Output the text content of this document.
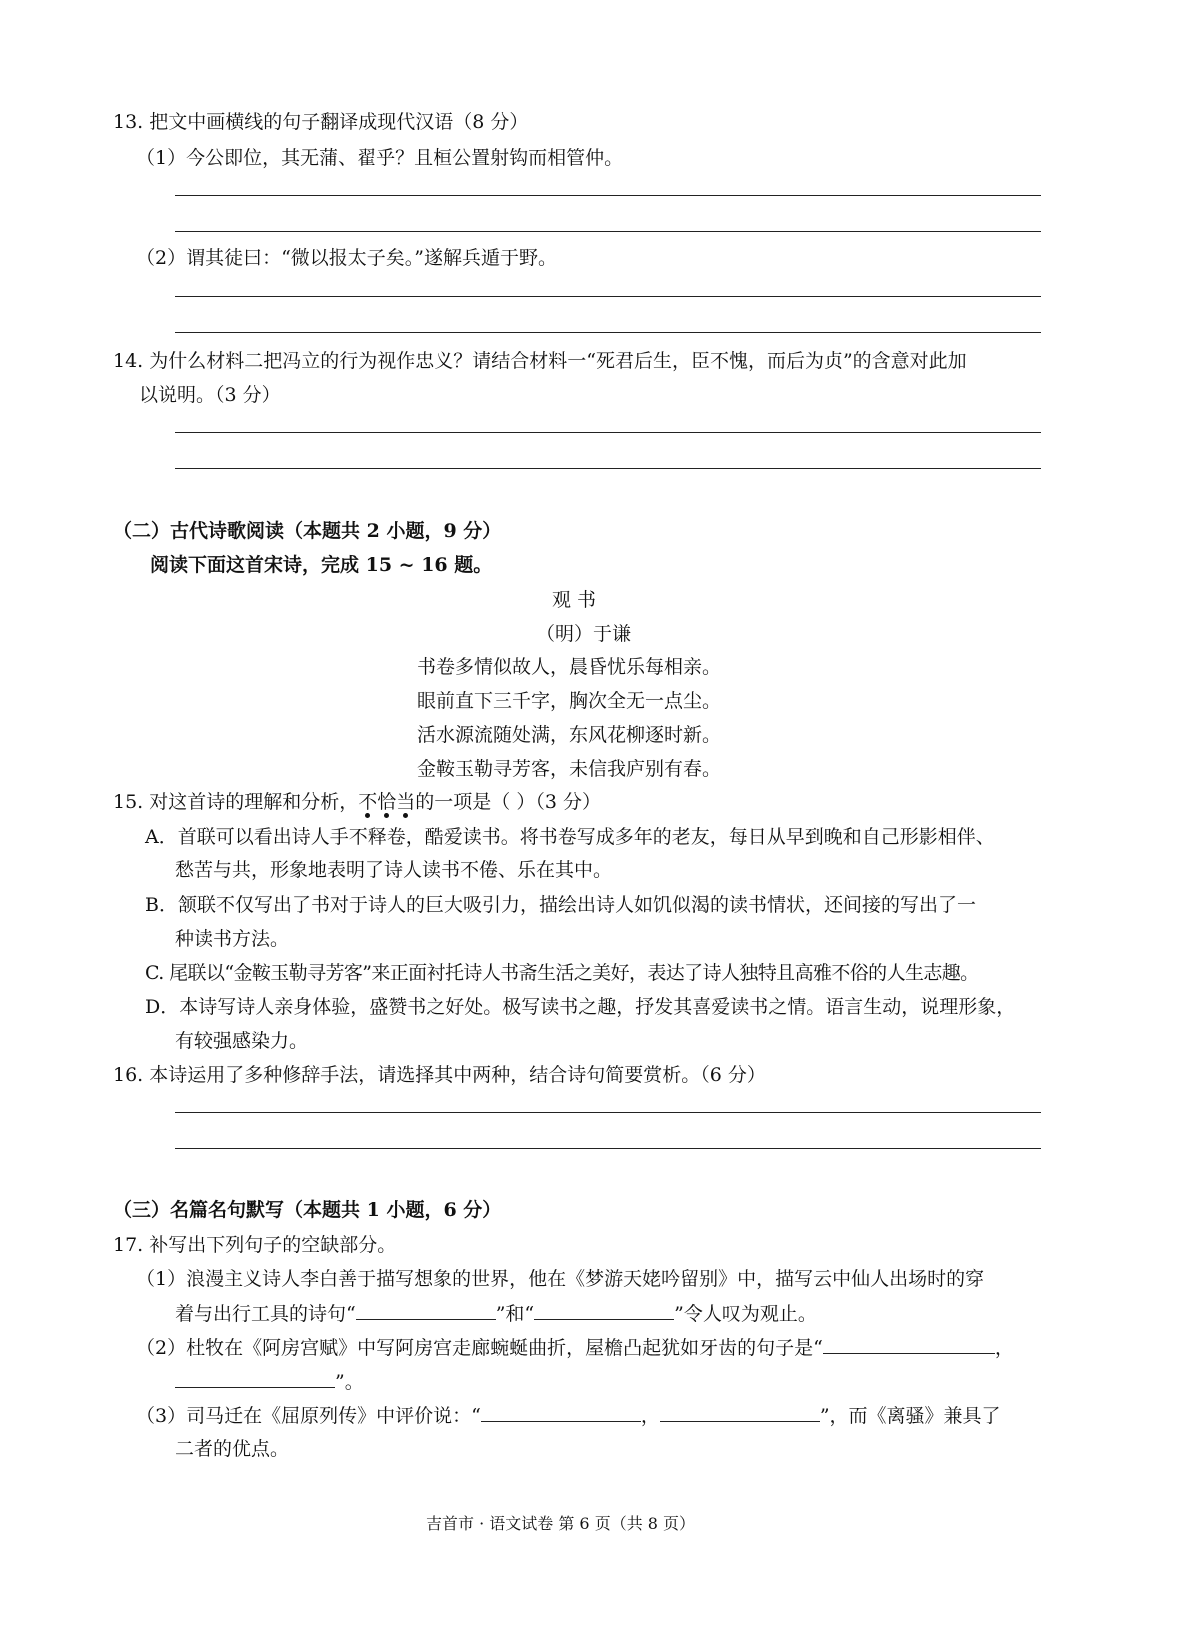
13. 把文中画横线的句子翻译成现代汉语（8 分）
（1）今公即位，其无蒲、翟乎？且桓公置射钩而相管仲。
（2）谓其徒曰：“微以报太子矣。”遂解兵遁于野。
14. 为什么材料二把冯立的行为视作忠义？请结合材料一“死君后生，臣不愧，而后为贞”的含意对此加
以说明。（3 分）
（二）古代诗歌阅读（本题共 2 小题，9 分）
阅读下面这首宋诗，完成 15 ~ 16 题。
观 书
（明）于谦
书卷多情似故人，晨昏忧乐每相亲。
眼前直下三千字，胸次全无一点尘。
活水源流随处满，东风花柳逐时新。
金鞍玉勒寻芳客，未信我庐别有春。
15. 对这首诗的理解和分析，不恰当
的一项是（ ）（3 分）
A．首联可以看出诗人手不释卷，酷爱读书。将书卷写成多年的老友，每日从早到晚和自己形影相伴、
愁苦与共，形象地表明了诗人读书不倦、乐在其中。
B．颔联不仅写出了书对于诗人的巨大吸引力，描绘出诗人如饥似渴的读书情状，还间接的写出了一
种读书方法。
C. 尾联以“金鞍玉勒寻芳客”来正面衬托诗人书斋生活之美好，表达了诗人独特且高雅不俗的人生志趣。
D．本诗写诗人亲身体验，盛赞书之好处。极写读书之趣，抒发其喜爱读书之情。语言生动，说理形象，
有较强感染力。
16. 本诗运用了多种修辞手法，请选择其中两种，结合诗句简要赏析。（6 分）
（三）名篇名句默写（本题共 1 小题，6 分）
17. 补写出下列句子的空缺部分。
（1）浪漫主义诗人李白善于描写想象的世界，他在《梦游天姥吟留别》中，描写云中仙人出场时的穿
着与出行工具的诗句“	”和“	”令人叹为观止。
（2）杜牧在《阿房宫赋》中写阿房宫走廊蜿蜒曲折，屋檐凸起犹如牙齿的句子是“	，
”。
（3）司马迁在《屈原列传》中评价说：“	，	”，而《离骚》兼具了
二者的优点。
吉首市 · 语文试卷 第 6 页（共 8 页）
